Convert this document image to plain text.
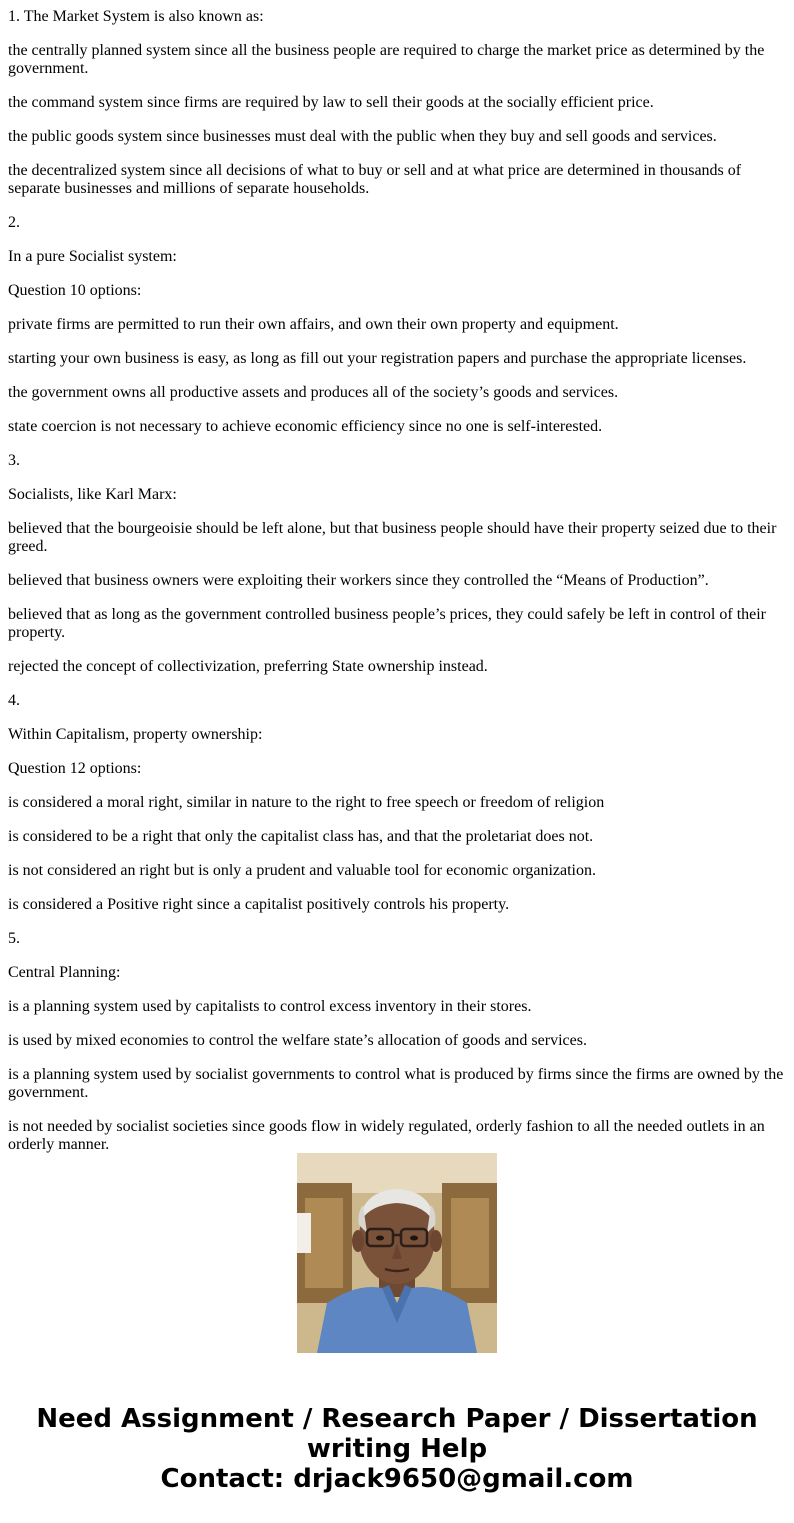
1. The Market System is also known as:

the centrally planned system since all the business people are required to charge the market price as determined by the government.

the command system since firms are required by law to sell their goods at the socially efficient price.

the public goods system since businesses must deal with the public when they buy and sell goods and services.

the decentralized system since all decisions of what to buy or sell and at what price are determined in thousands of separate businesses and millions of separate households.

2.

In a pure Socialist system:

Question 10 options:

private firms are permitted to run their own affairs, and own their own property and equipment.

starting your own business is easy, as long as fill out your registration papers and purchase the appropriate licenses.

the government owns all productive assets and produces all of the society’s goods and services.

state coercion is not necessary to achieve economic efficiency since no one is self-interested.

3.

Socialists, like Karl Marx:

believed that the bourgeoisie should be left alone, but that business people should have their property seized due to their greed.

believed that business owners were exploiting their workers since they controlled the “Means of Production”.

believed that as long as the government controlled business people’s prices, they could safely be left in control of their property.

rejected the concept of collectivization, preferring State ownership instead.

4.

Within Capitalism, property ownership:

Question 12 options:

is considered a moral right, similar in nature to the right to free speech or freedom of religion

is considered to be a right that only the capitalist class has, and that the proletariat does not.

is not considered an right but is only a prudent and valuable tool for economic organization.

is considered a Positive right since a capitalist positively controls his property.

5.

Central Planning:

is a planning system used by capitalists to control excess inventory in their stores.

is used by mixed economies to control the welfare state’s allocation of goods and services.

is a planning system used by socialist governments to control what is produced by firms since the firms are owned by the government.

is not needed by socialist societies since goods flow in widely regulated, orderly fashion to all the needed outlets in an orderly manner.

Need Assignment / Research Paper / Dissertation
writing Help
Contact: drjack9650@gmail.com
